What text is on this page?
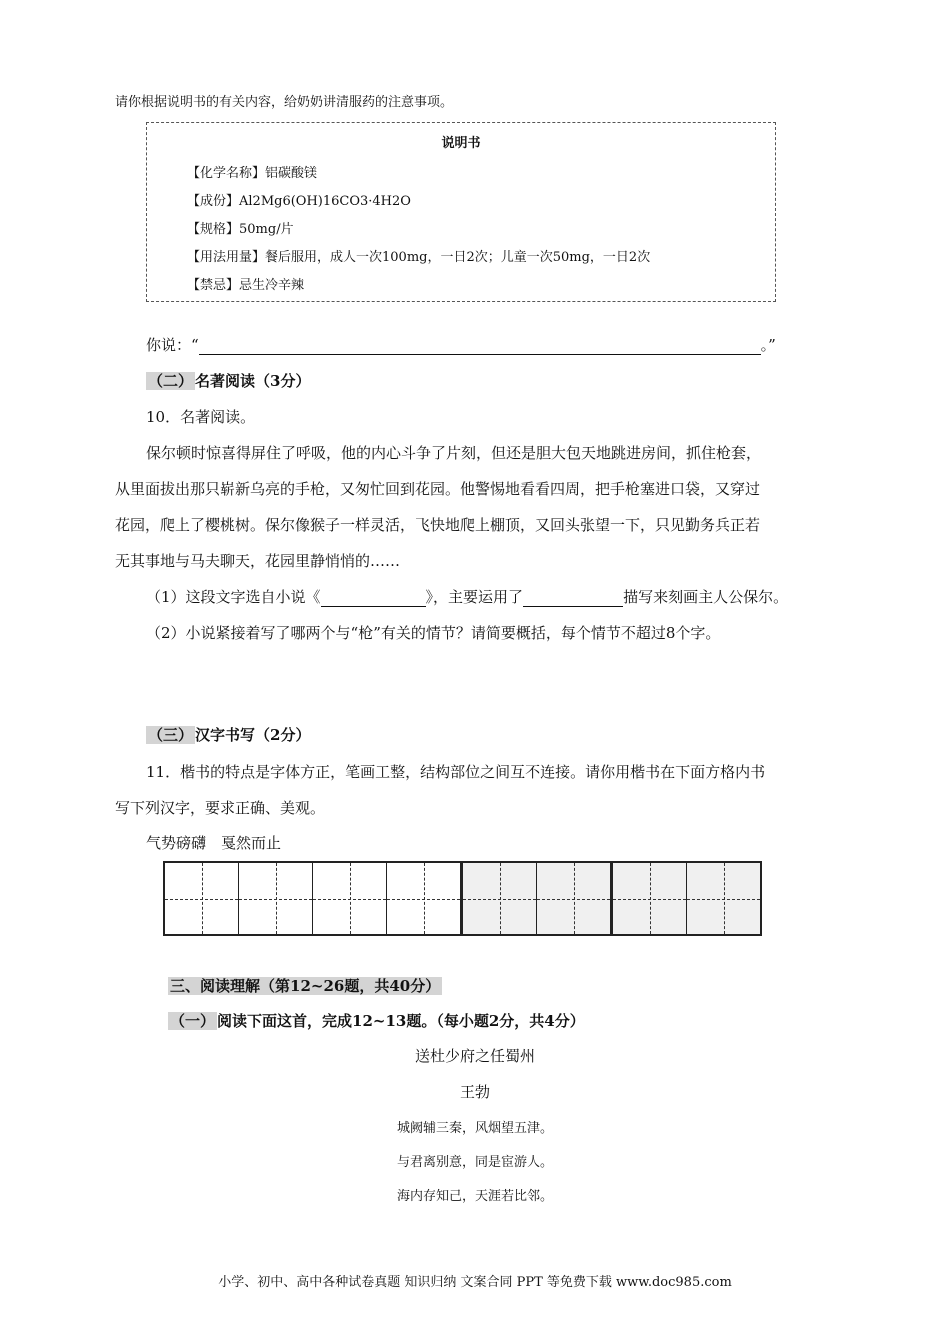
请你根据说明书的有关内容，给奶奶讲清服药的注意事项。
说明书
【化学名称】铝碳酸镁
【成份】Al2Mg6(OH)16CO3·4H2O
【规格】50mg/片
【用法用量】餐后服用，成人一次100mg，一日2次；儿童一次50mg，一日2次
【禁忌】忌生冷辛辣
你说：“	。”
（二） 名著阅读（3分）
10．名著阅读。
保尔顿时惊喜得屏住了呼吸，他的内心斗争了片刻，但还是胆大包天地跳进房间，抓住枪套，
从里面拔出那只崭新乌亮的手枪，又匆忙回到花园。他警惕地看看四周，把手枪塞进口袋，又穿过
花园，爬上了樱桃树。保尔像猴子一样灵活，飞快地爬上棚顶，又回头张望一下，只见勤务兵正若
无其事地与马夫聊天，花园里静悄悄的……
（1）这段文字选自小说《	》，主要运用了	描写来刻画主人公保尔。
（2）小说紧接着写了哪两个与“枪”有关的情节？请简要概括，每个情节不超过8个字。
（三） 汉字书写（2分）
11．楷书的特点是字体方正，笔画工整，结构部位之间互不连接。请你用楷书在下面方格内书
写下列汉字，要求正确、美观。
气势磅礴　戛然而止
三、阅读理解（第12~26题，共40分）
（一） 阅读下面这首，完成12~13题。（每小题2分，共4分）
送杜少府之任蜀州
王勃
城阙辅三秦，风烟望五津。
与君离别意，同是宦游人。
海内存知己，天涯若比邻。
小学、初中、高中各种试卷真题 知识归纳 文案合同 PPT 等免费下载 www.doc985.com
